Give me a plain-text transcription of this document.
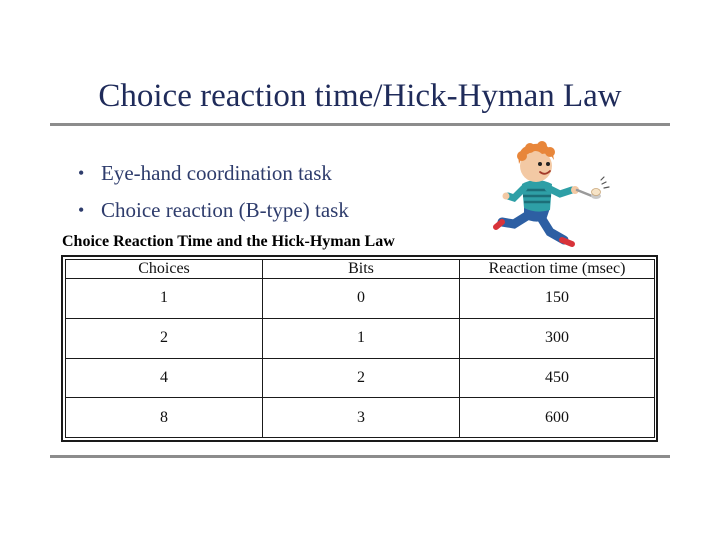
Choice reaction time/Hick-Hyman Law
• Eye-hand coordination task
• Choice reaction (B-type) task
Choice Reaction Time and the Hick-Hyman Law
Choices	Bits	Reaction time (msec)
1	0	150
2	1	300
4	2	450
8	3	600
